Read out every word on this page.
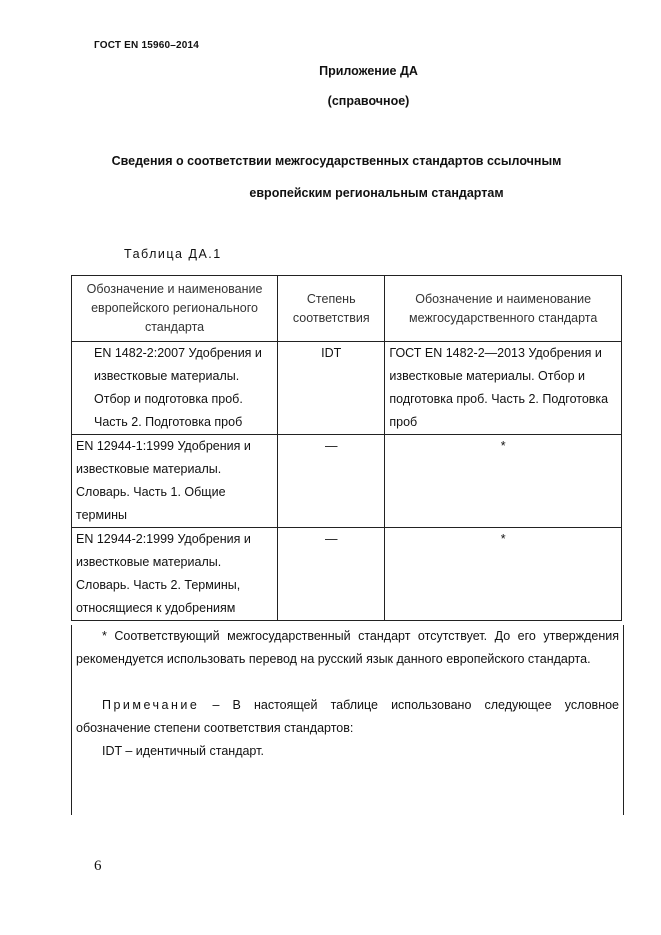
ГОСТ EN 15960–2014
Приложение ДА
(справочное)
Сведения о соответствии межгосударственных стандартов ссылочным
европейским региональным стандартам
Таблица ДА.1
Обозначение и наименование европейского регионального стандарта	Степень соответствия	Обозначение и наименование межгосударственного стандарта
EN 1482-2:2007 Удобрения и известковые материалы. Отбор и подготовка проб. Часть 2. Подготовка проб	IDT	ГОСТ EN 1482-2—2013 Удобрения и известковые материалы. Отбор и подготовка проб. Часть 2. Подготовка проб
EN 12944-1:1999 Удобрения и известковые материалы. Словарь. Часть 1. Общие термины	—	*
EN 12944-2:1999 Удобрения и известковые материалы. Словарь. Часть 2. Термины, относящиеся к удобрениям	—	*

* Соответствующий межгосударственный стандарт отсутствует. До его утверждения рекомендуется использовать перевод на русский язык данного европейского стандарта.

Примечание – В настоящей таблице использовано следующее условное обозначение степени соответствия стандартов:

IDT – идентичный стандарт.

6
